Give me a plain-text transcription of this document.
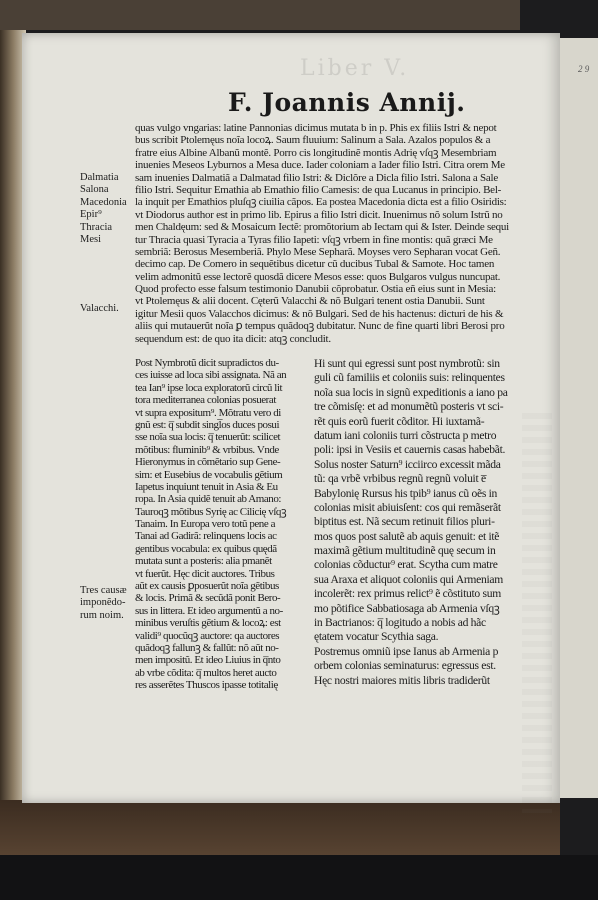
Liber V.
F. Joannis Annij.
2 9
Dalmatia
Salona
Macedonia
Epir⁹
Thracia
Mesi
Valacchi.
Tres causæ
imponẽdo-
rum noim.
quas vulgo vngarias: latine Pannonias dicimus mutata b in p. Phis ex filiis Istri & nepot
bus scribit Ptolemęus noĩa locoꝝ. Saum fluuium: Salinum a Sala. Azalos populos & a
fratre eius Albine Albanũ montẽ. Porro cis longitudinẽ montis Adrię vſqꝫ Mesembriam
inuenies Meseos Lyburnos a Mesa duce. Iader coloniam a Iader filio Istri. Citra orem Me
sam inuenies Dalmatiã a Dalmatad filio Istri: & Diclõre a Dicla filio Istri. Salona a Sale
filio Istri. Sequitur Emathia ab Emathio filio Camesis: de qua Lucanus in principio. Bel-
la inquit per Emathios pluſqꝫ ciuilia cãpos. Ea postea Macedonia dicta est a filio Osiridis:
vt Diodorus author est in primo lib. Epirus a filio Istri dicit. Inuenimus nõ solum Istrũ no
men Chaldęum: sed & Mosaicum Iectẽ: promõtorium ab Iectam qui & Ister. Deinde sequi
tur Thracia quasi Tyracia a Tyras filio Iapeti: vſqꝫ vrbem in fine montis: quã græci Me
sembriã: Berosus Mesemberiã. Phylo Mese Sepharã. Moyses vero Sepharan vocat Geñ.
decimo cap. De Comero in sequẽtibus dicetur cũ ducibus Tubal & Samote. Hoc tamen
velim admonitũ esse lectorẽ quosdã dicere Mesos esse: quos Bulgaros vulgus nuncupat.
Quod profecto esse falsum testimonio Danubii cõprobatur. Ostia eñ eius sunt in Mesia:
vt Ptolemęus & alii docent. Cęterũ Valacchi & nõ Bulgari tenent ostia Danubii. Sunt
igitur Mesii quos Valacchos dicimus: & nõ Bulgari. Sed de his hactenus: dicturi de his &
aliis qui mutauerũt noĩa ꝑ tempus quãdoqꝫ dubitatur. Nunc de fine quarti libri Berosi pro
sequendum est: de quo ita dicit: atqꝫ concludit.
Post Nymbrotũ dicit supradictos du-
ces iuisse ad loca sibi assignata. Nã an
tea Ian⁹ ipse loca exploratorũ circũ lit
tora mediterranea colonias posuerat
vt supra expositum⁹. Mõtratu vero di
gnũ est: q̅ subdit singl̅os duces posui
sse noĩa sua locis: q̅ tenuerũt: scilicet
mõtibus: fluminib⁹ & vrbibus. Vnde
Hieronymus in cõmẽtario sup Gene-
sim: et Eusebius de vocabulis gẽtium
Iapetus inquiunt tenuit in Asia & Eu
ropa. In Asia quidẽ tenuit ab Amano:
Tauroqꝫ mõtibus Syrię ac Cilicię vſqꝫ
Tanaim. In Europa vero totũ pene a
Tanai ad Gadirã: relinquens locis ac
gentibus vocabula: ex quibus quędã
mutata sunt a posteris: alia pmanẽt
vt fuerũt. Hęc dicit auctores. Tribus
aũt ex causis ꝑposuerũt noĩa gẽtibus
& locis. Primã & secũdã ponit Bero-
sus in littera. Et ideo argumentũ a no-
minibus veruſtis gẽtium & locoꝝ: est
validi⁹ quocũqꝫ auctore: qa auctores
quãdoqꝫ fallunꝫ & fallũt: nõ aũt no-
men impositũ. Et ideo Liuius in q̅nto
ab vrbe cõdita: q̅ multos heret aucto
res asserẽtes Thuscos ipasse totitalię
Hi sunt qui egressi sunt post nymbrotũ: sin
guli cũ familiis et coloniis suis: relinquentes
noĩa sua locis in signũ expeditionis a iano pa
tre cõmisſę: et ad monumẽtũ posteris vt sci-
rẽt quis eorũ fuerit cõditor. Hi iuxtamã-
datum iani coloniis turri cõstructa p metro
poli: ipsi in Vesiis et cauernis casas habebãt.
Solus noster Saturn⁹ icciirco excessit mãda
tũ: qa vrbẽ vrbibus regnũ regnũ voluit e̅
Babylonię Rursus his tpib⁹ ianus cũ oẽs in
colonias misit abiuisſent: cos qui remãserãt
biptitus est. Nã secum retinuit filios pluri-
mos quos post salutẽ ab aquis genuit: et itẽ
maximã gẽtium multitudinẽ quę secum in
colonias cõductur⁹ erat. Scytha cum matre
sua Araxa et aliquot coloniis qui Armeniam
incolerẽt: rex primus relict⁹ ẽ cõstituto sum
mo põtifice Sabbatiosaga ab Armenia vſqꝫ
in Bactrianos: q̅ logitudo a nobis ad hãc
ętatem vocatur Scythia saga.
Postremus omniũ ipse Ianus ab Armenia p
orbem colonias seminaturus: egressus est.
Hęc nostri maiores mitis libris tradiderũt
